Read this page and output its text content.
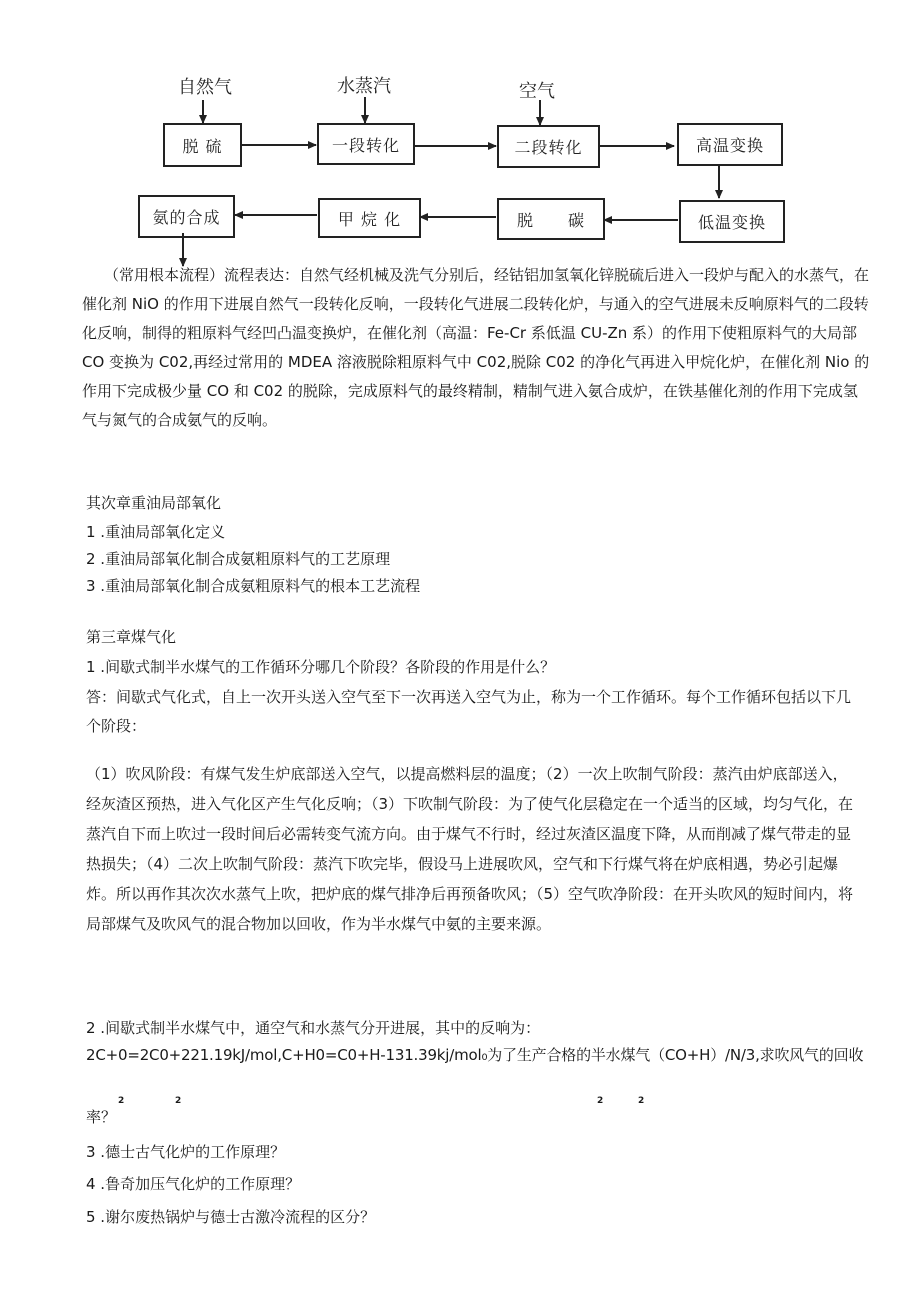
自然气	水蒸汽	空气
脱 硫	一段转化	二段转化	高温变换
氨的合成	甲 烷 化	脱　　碳	低温变换

（常用根本流程）流程表达：自然气经机械及洗气分别后，经钴铝加氢氧化锌脱硫后进入一段炉与配入的水蒸气，在催化剂 NiO 的作用下进展自然气一段转化反响，一段转化气进展二段转化炉，与通入的空气进展未反响原料气的二段转化反响，制得的粗原料气经凹凸温变换炉，在催化剂（高温：Fe-Cr 系低温 CU-Zn 系）的作用下使粗原料气的大局部 CO 变换为 C02,再经过常用的 MDEA 溶液脱除粗原料气中 C02,脱除 C02 的净化气再进入甲烷化炉，在催化剂 Nio 的作用下完成极少量 CO 和 C02 的脱除，完成原料气的最终精制，精制气进入氨合成炉，在铁基催化剂的作用下完成氢气与氮气的合成氨气的反响。

其次章重油局部氧化
1 .重油局部氧化定义
2 .重油局部氧化制合成氨粗原料气的工艺原理
3 .重油局部氧化制合成氨粗原料气的根本工艺流程
第三章煤气化
1 .间歇式制半水煤气的工作循环分哪几个阶段？各阶段的作用是什么？

答：间歇式气化式，自上一次开头送入空气至下一次再送入空气为止，称为一个工作循环。每个工作循环包括以下几个阶段：

（1）吹风阶段：有煤气发生炉底部送入空气，以提高燃料层的温度；（2）一次上吹制气阶段：蒸汽由炉底部送入，经灰渣区预热，进入气化区产生气化反响；（3）下吹制气阶段：为了使气化层稳定在一个适当的区域，均匀气化，在蒸汽自下而上吹过一段时间后必需转变气流方向。由于煤气不行时，经过灰渣区温度下降，从而削减了煤气带走的显热损失；（4）二次上吹制气阶段：蒸汽下吹完毕，假设马上进展吹风，空气和下行煤气将在炉底相遇，势必引起爆炸。所以再作其次次水蒸气上吹，把炉底的煤气排净后再预备吹风；（5）空气吹净阶段：在开头吹风的短时间内，将局部煤气及吹风气的混合物加以回收，作为半水煤气中氨的主要来源。

2 .间歇式制半水煤气中，通空气和水蒸气分开进展，其中的反响为：
2C+0=2C0+221.19kJ∕mol,C+H0=C0+H-131.39kj∕mol₀为了生产合格的半水煤气（CO+H）/N/3,求吹风气的回收
2	2	2	2
率？
3 .德士古气化炉的工作原理？
4 .鲁奇加压气化炉的工作原理？
5 .谢尔废热锅炉与德士古激冷流程的区分？
